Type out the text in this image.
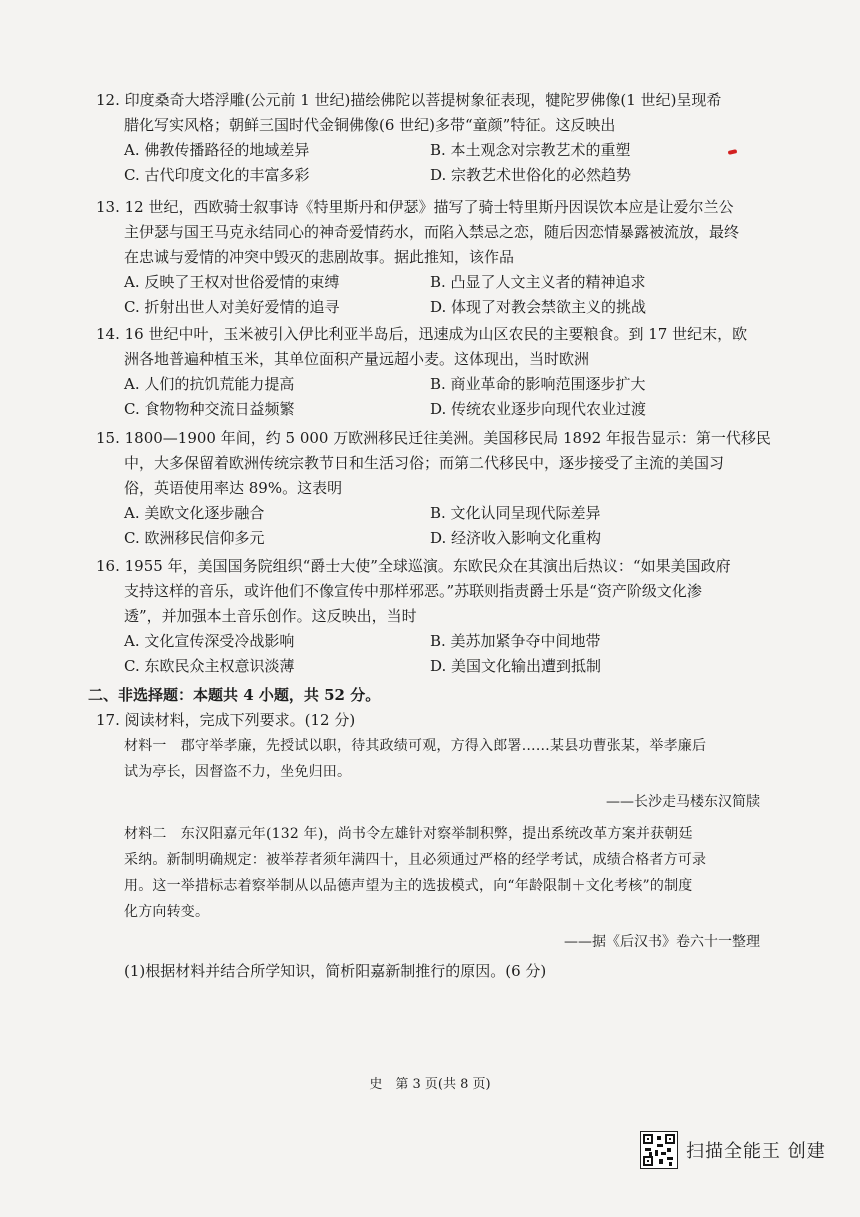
12. 印度桑奇大塔浮雕(公元前 1 世纪)描绘佛陀以菩提树象征表现，犍陀罗佛像(1 世纪)呈现希
腊化写实风格；朝鲜三国时代金铜佛像(6 世纪)多带“童颜”特征。这反映出
A. 佛教传播路径的地域差异	B. 本土观念对宗教艺术的重塑
C. 古代印度文化的丰富多彩	D. 宗教艺术世俗化的必然趋势
13. 12 世纪，西欧骑士叙事诗《特里斯丹和伊瑟》描写了骑士特里斯丹因误饮本应是让爱尔兰公
主伊瑟与国王马克永结同心的神奇爱情药水，而陷入禁忌之恋，随后因恋情暴露被流放，最终
在忠诚与爱情的冲突中毁灭的悲剧故事。据此推知，该作品
A. 反映了王权对世俗爱情的束缚	B. 凸显了人文主义者的精神追求
C. 折射出世人对美好爱情的追寻	D. 体现了对教会禁欲主义的挑战
14. 16 世纪中叶，玉米被引入伊比利亚半岛后，迅速成为山区农民的主要粮食。到 17 世纪末，欧
洲各地普遍种植玉米，其单位面积产量远超小麦。这体现出，当时欧洲
A. 人们的抗饥荒能力提高	B. 商业革命的影响范围逐步扩大
C. 食物物种交流日益频繁	D. 传统农业逐步向现代农业过渡
15. 1800—1900 年间，约 5 000 万欧洲移民迁往美洲。美国移民局 1892 年报告显示：第一代移民
中，大多保留着欧洲传统宗教节日和生活习俗；而第二代移民中，逐步接受了主流的美国习
俗，英语使用率达 89%。这表明
A. 美欧文化逐步融合	B. 文化认同呈现代际差异
C. 欧洲移民信仰多元	D. 经济收入影响文化重构
16. 1955 年，美国国务院组织“爵士大使”全球巡演。东欧民众在其演出后热议：“如果美国政府
支持这样的音乐，或许他们不像宣传中那样邪恶。”苏联则指责爵士乐是“资产阶级文化渗
透”，并加强本土音乐创作。这反映出，当时
A. 文化宣传深受冷战影响	B. 美苏加紧争夺中间地带
C. 东欧民众主权意识淡薄	D. 美国文化输出遭到抵制
二、非选择题：本题共 4 小题，共 52 分。
17. 阅读材料，完成下列要求。(12 分)
材料一　郡守举孝廉，先授试以职，待其政绩可观，方得入郎署……某县功曹张某，举孝廉后
试为亭长，因督盗不力，坐免归田。
——长沙走马楼东汉简牍
材料二　东汉阳嘉元年(132 年)，尚书令左雄针对察举制积弊，提出系统改革方案并获朝廷
采纳。新制明确规定：被举荐者须年满四十，且必须通过严格的经学考试，成绩合格者方可录
用。这一举措标志着察举制从以品德声望为主的选拔模式，向“年龄限制＋文化考核”的制度
化方向转变。
——据《后汉书》卷六十一整理
(1)根据材料并结合所学知识，简析阳嘉新制推行的原因。(6 分)
史　第 3 页(共 8 页)
扫描全能王 创建
